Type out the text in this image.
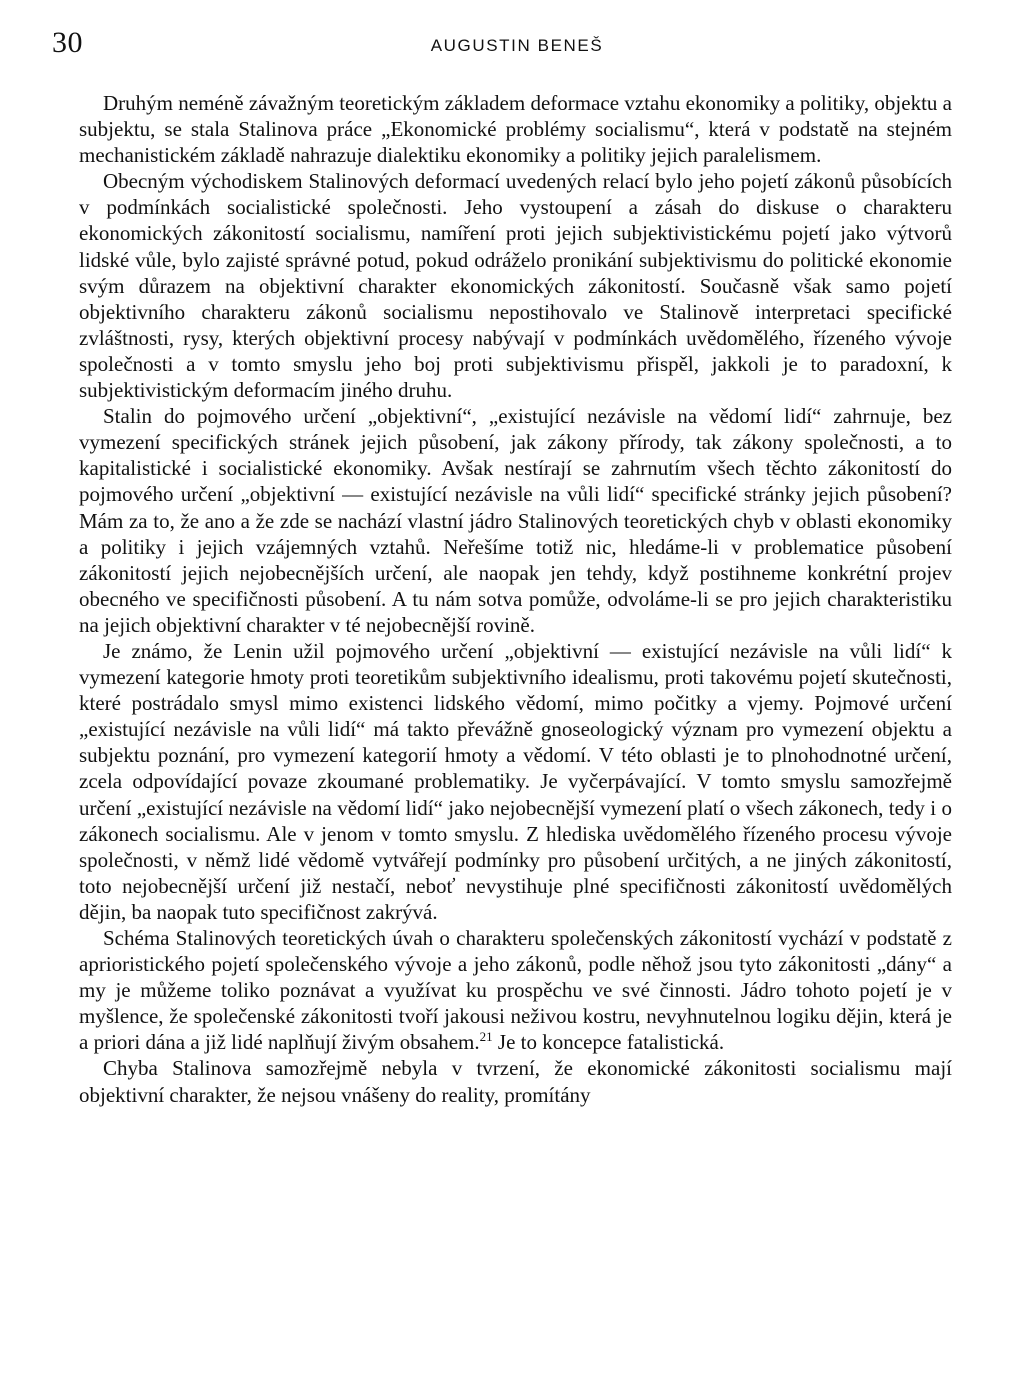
30	AUGUSTIN BENEŠ

Druhým neméně závažným teoretickým základem deformace vztahu ekonomiky a politiky, objektu a subjektu, se stala Stalinova práce „Ekonomické problémy socialismu“, která v podstatě na stejném mechanistickém základě nahrazuje dialektiku ekonomiky a politiky jejich paralelismem.

Obecným východiskem Stalinových deformací uvedených relací bylo jeho pojetí zákonů působících v podmínkách socialistické společnosti. Jeho vystoupení a zásah do diskuse o charakteru ekonomických zákonitostí socialismu, namíření proti jejich subjektivistickému pojetí jako výtvorů lidské vůle, bylo zajisté správné potud, pokud odráželo pronikání subjektivismu do politické ekonomie svým důrazem na objektivní charakter ekonomických zákonitostí. Současně však samo pojetí objektivního charakteru zákonů socialismu nepostihovalo ve Stalinově interpretaci specifické zvláštnosti, rysy, kterých objektivní procesy nabývají v podmínkách uvědomělého, řízeného vývoje společnosti a v tomto smyslu jeho boj proti subjektivismu přispěl, jakkoli je to paradoxní, k subjektivistickým deformacím jiného druhu.

Stalin do pojmového určení „objektivní“, „existující nezávisle na vědomí lidí“ zahrnuje, bez vymezení specifických stránek jejich působení, jak zákony přírody, tak zákony společnosti, a to kapitalistické i socialistické ekonomiky. Avšak nestírají se zahrnutím všech těchto zákonitostí do pojmového určení „objektivní — existující nezávisle na vůli lidí“ specifické stránky jejich působení? Mám za to, že ano a že zde se nachází vlastní jádro Stalinových teoretických chyb v oblasti ekonomiky a politiky i jejich vzájemných vztahů. Neřešíme totiž nic, hledáme-li v problematice působení zákonitostí jejich nejobecnějších určení, ale naopak jen tehdy, když postihneme konkrétní projev obecného ve specifičnosti působení. A tu nám sotva pomůže, odvoláme-li se pro jejich charakteristiku na jejich objektivní charakter v té nejobecnější rovině.

Je známo, že Lenin užil pojmového určení „objektivní — existující nezávisle na vůli lidí“ k vymezení kategorie hmoty proti teoretikům subjektivního idealismu, proti takovému pojetí skutečnosti, které postrádalo smysl mimo existenci lidského vědomí, mimo počitky a vjemy. Pojmové určení „existující nezávisle na vůli lidí“ má takto převážně gnoseologický význam pro vymezení objektu a subjektu poznání, pro vymezení kategorií hmoty a vědomí. V této oblasti je to plnohodnotné určení, zcela odpovídající povaze zkoumané problematiky. Je vyčerpávající. V tomto smyslu samozřejmě určení „existující nezávisle na vědomí lidí“ jako nejobecnější vymezení platí o všech zákonech, tedy i o zákonech socialismu. Ale v jenom v tomto smyslu. Z hlediska uvědomělého řízeného procesu vývoje společnosti, v němž lidé vědomě vytvářejí podmínky pro působení určitých, a ne jiných zákonitostí, toto nejobecnější určení již nestačí, neboť nevystihuje plné specifičnosti zákonitostí uvědomělých dějin, ba naopak tuto specifičnost zakrývá.

Schéma Stalinových teoretických úvah o charakteru společenských zákonitostí vychází v podstatě z aprioristického pojetí společenského vývoje a jeho zákonů, podle něhož jsou tyto zákonitosti „dány“ a my je můžeme toliko poznávat a využívat ku prospěchu ve své činnosti. Jádro tohoto pojetí je v myšlence, že společenské zákonitosti tvoří jakousi neživou kostru, nevyhnutelnou logiku dějin, která je a priori dána a již lidé naplňují živým obsahem.$^{21}$ Je to koncepce fatalistická.

Chyba Stalinova samozřejmě nebyla v tvrzení, že ekonomické zákonitosti socialismu mají objektivní charakter, že nejsou vnášeny do reality, promítány
